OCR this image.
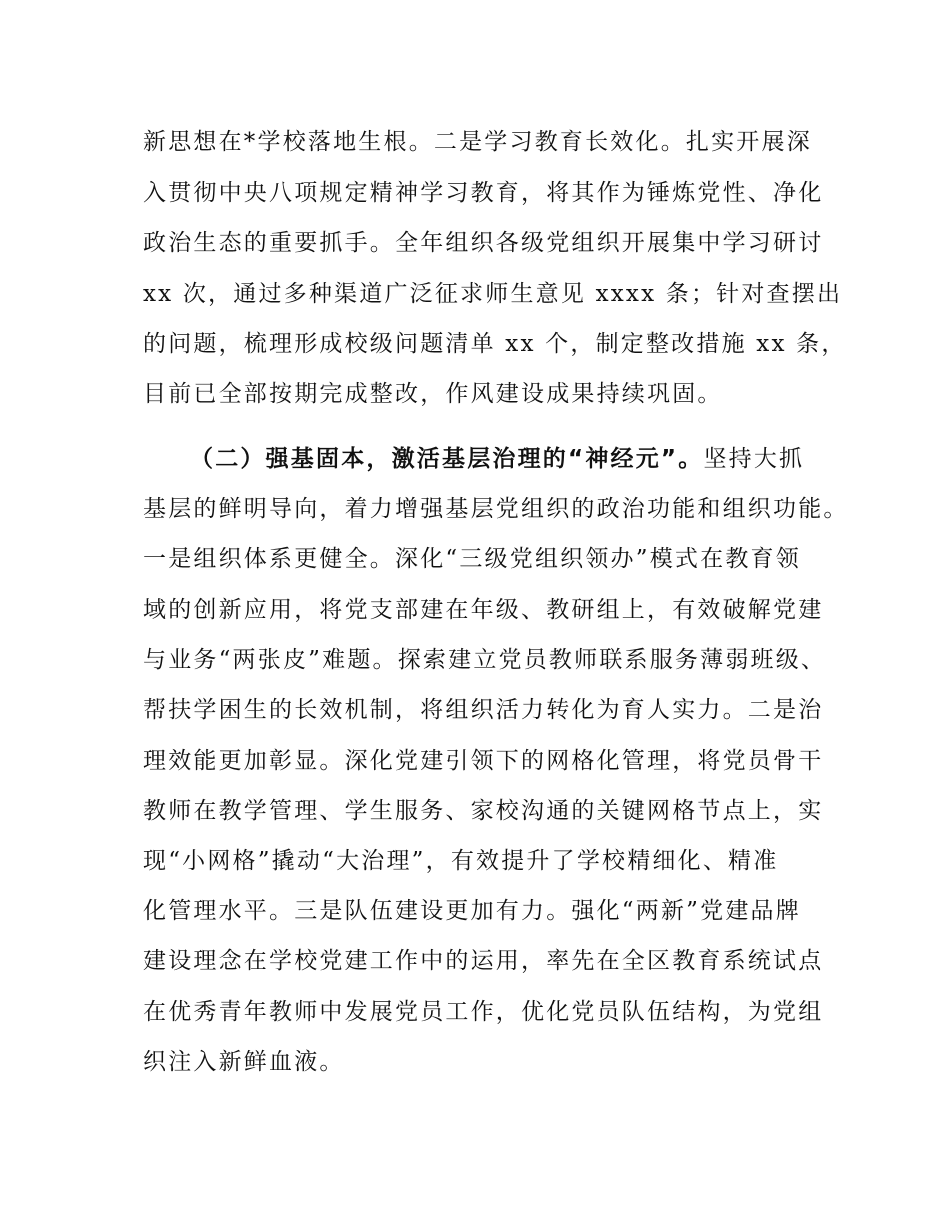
新思想在*学校落地生根。二是学习教育长效化。扎实开展深

入贯彻中央八项规定精神学习教育，将其作为锤炼党性、净化

政治生态的重要抓手。全年组织各级党组织开展集中学习研讨

xx 次，通过多种渠道广泛征求师生意见 xxxx 条；针对查摆出

的问题，梳理形成校级问题清单 xx 个，制定整改措施 xx 条，

目前已全部按期完成整改，作风建设成果持续巩固。

（二）强基固本，激活基层治理的“神经元”。坚持大抓

基层的鲜明导向，着力增强基层党组织的政治功能和组织功能。

一是组织体系更健全。深化“三级党组织领办”模式在教育领

域的创新应用，将党支部建在年级、教研组上，有效破解党建

与业务“两张皮”难题。探索建立党员教师联系服务薄弱班级、

帮扶学困生的长效机制，将组织活力转化为育人实力。二是治

理效能更加彰显。深化党建引领下的网格化管理，将党员骨干

教师在教学管理、学生服务、家校沟通的关键网格节点上，实

现“小网格”撬动“大治理”，有效提升了学校精细化、精准

化管理水平。三是队伍建设更加有力。强化“两新”党建品牌

建设理念在学校党建工作中的运用，率先在全区教育系统试点

在优秀青年教师中发展党员工作，优化党员队伍结构，为党组

织注入新鲜血液。
